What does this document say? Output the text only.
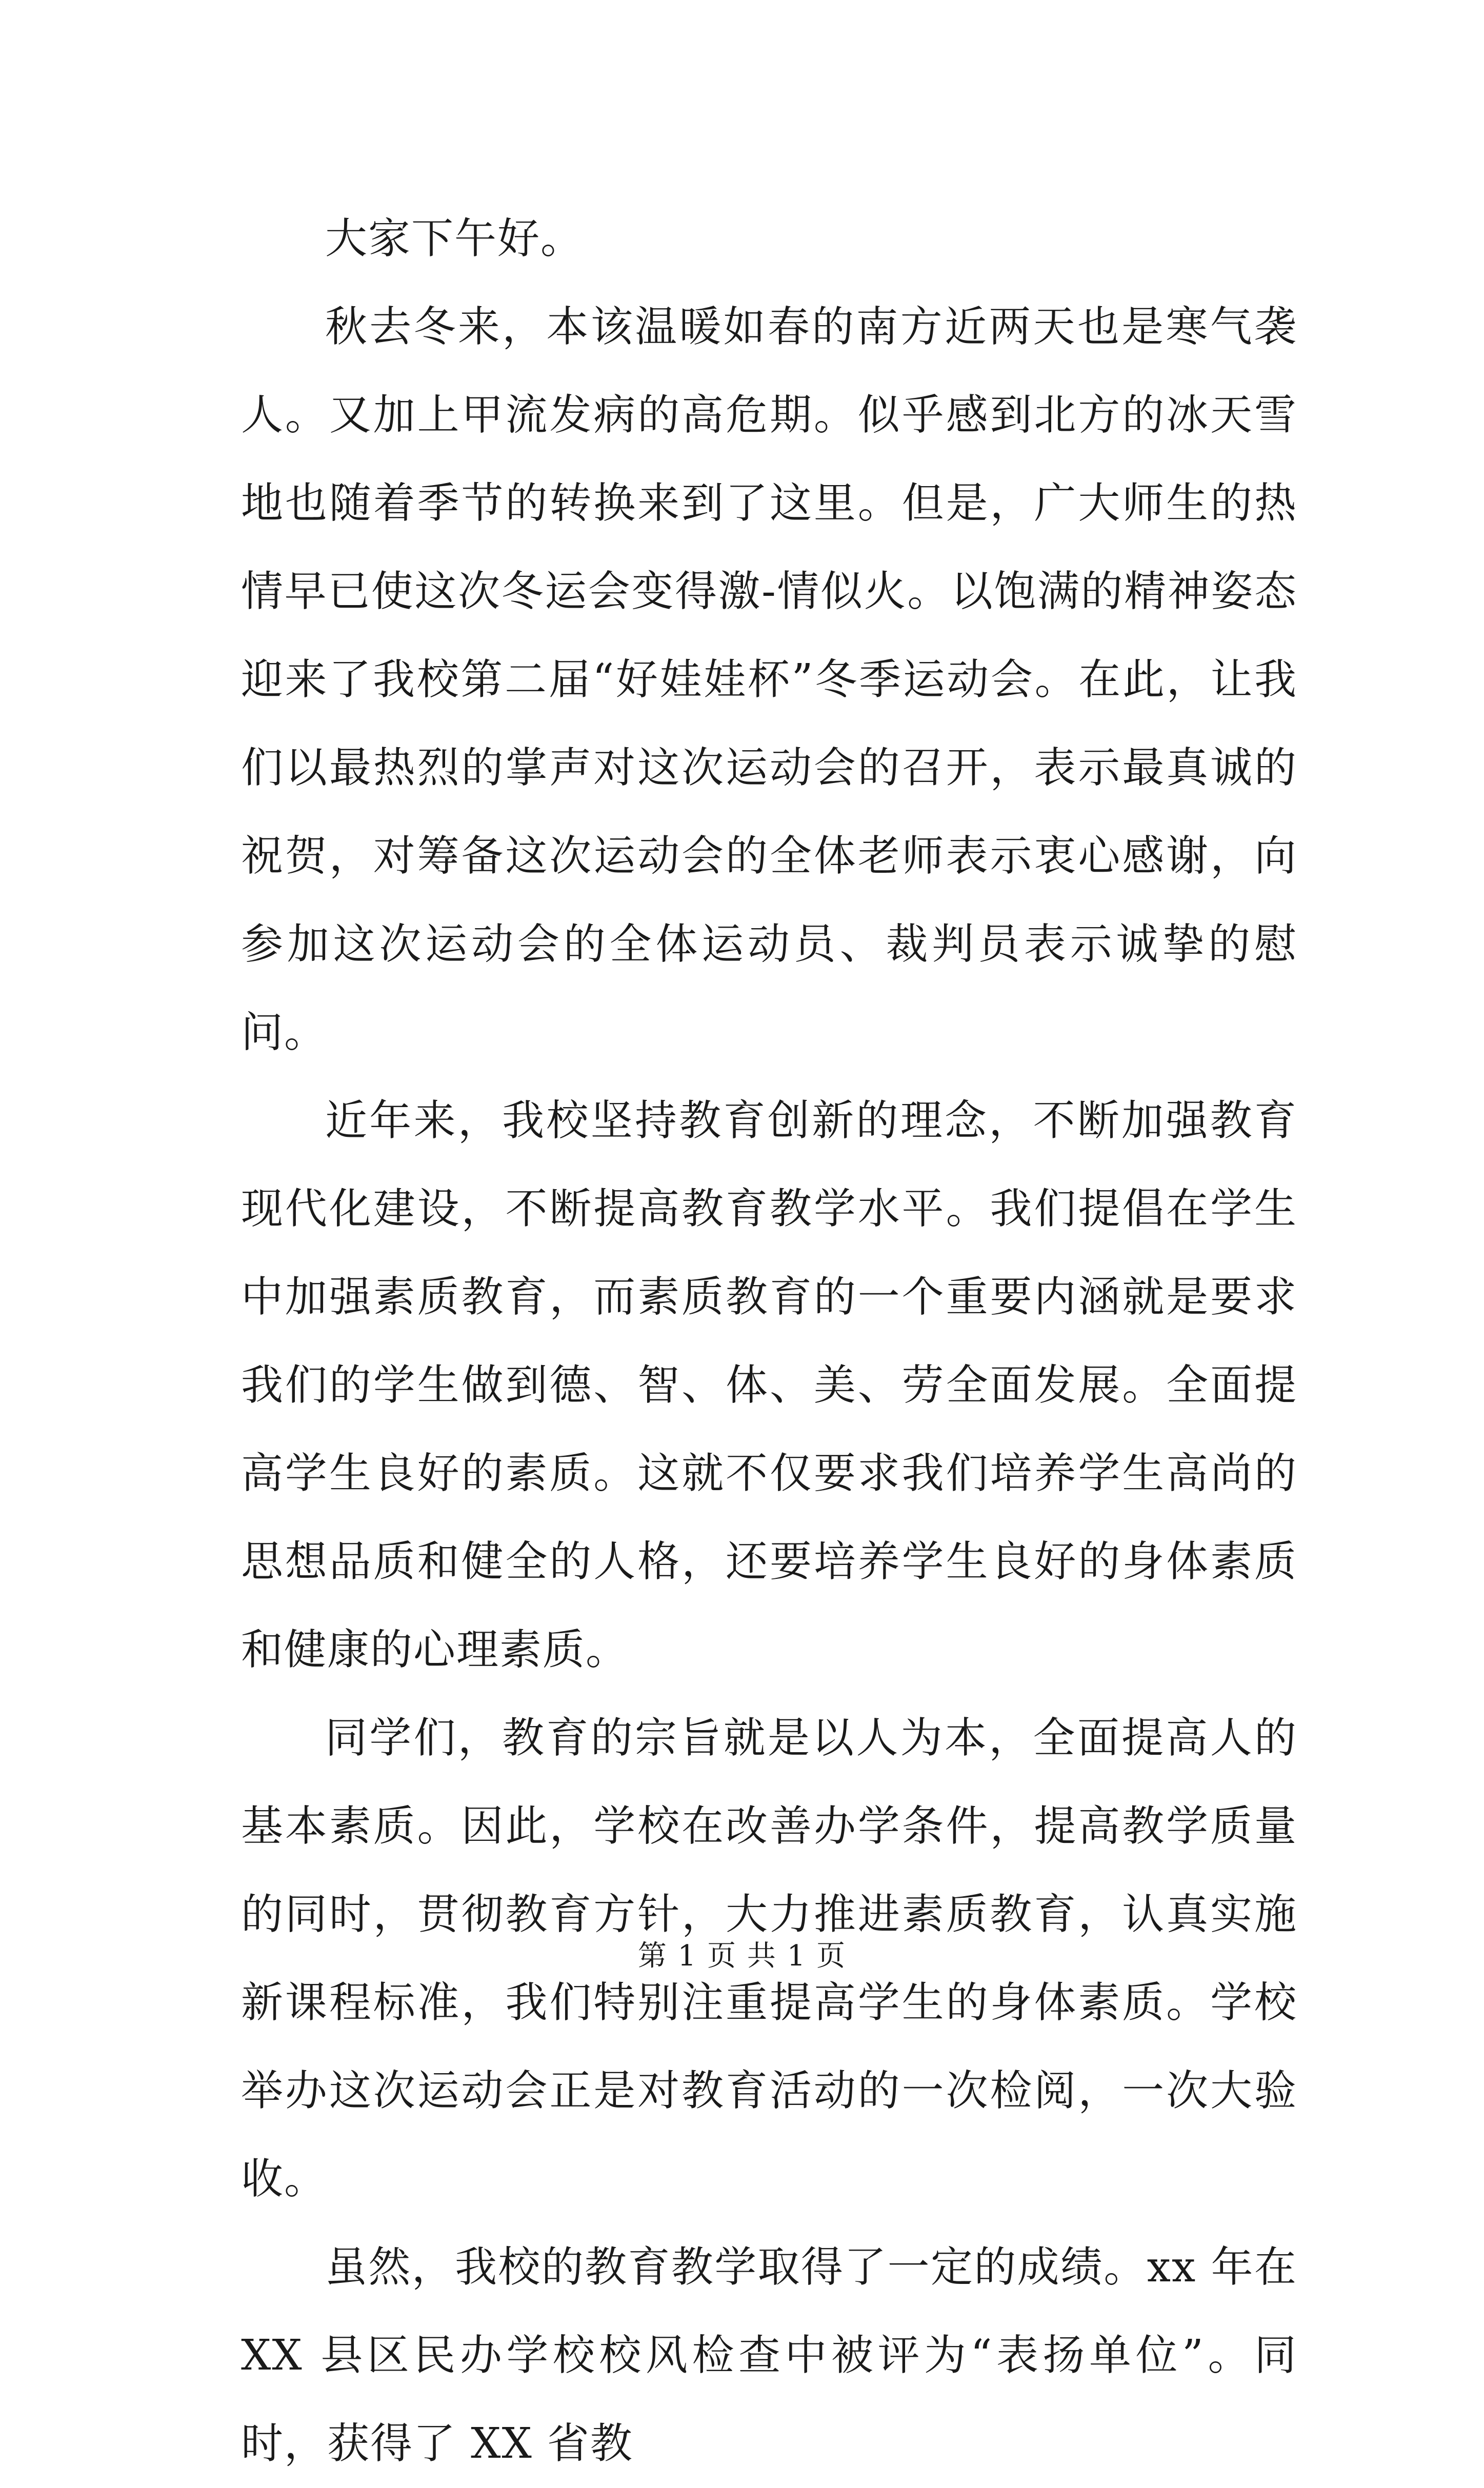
大家下午好。

秋去冬来，本该温暖如春的南方近两天也是寒气袭人。又加上甲流发病的高危期。似乎感到北方的冰天雪地也随着季节的转换来到了这里。但是，广大师生的热情早已使这次冬运会变得激-情似火。以饱满的精神姿态迎来了我校第二届“好娃娃杯”冬季运动会。在此，让我们以最热烈的掌声对这次运动会的召开，表示最真诚的祝贺，对筹备这次运动会的全体老师表示衷心感谢，向参加这次运动会的全体运动员、裁判员表示诚挚的慰问。

近年来，我校坚持教育创新的理念，不断加强教育现代化建设，不断提高教育教学水平。我们提倡在学生中加强素质教育，而素质教育的一个重要内涵就是要求我们的学生做到德、智、体、美、劳全面发展。全面提高学生良好的素质。这就不仅要求我们培养学生高尚的思想品质和健全的人格，还要培养学生良好的身体素质和健康的心理素质。

同学们，教育的宗旨就是以人为本，全面提高人的基本素质。因此，学校在改善办学条件，提高教学质量的同时，贯彻教育方针，大力推进素质教育，认真实施新课程标准，我们特别注重提高学生的身体素质。学校举办这次运动会正是对教育活动的一次检阅，一次大验收。

虽然，我校的教育教学取得了一定的成绩。xx 年在 XX 县区民办学校校风检查中被评为“表扬单位”。同时，获得了 XX 省教

第 1 页 共 1 页
